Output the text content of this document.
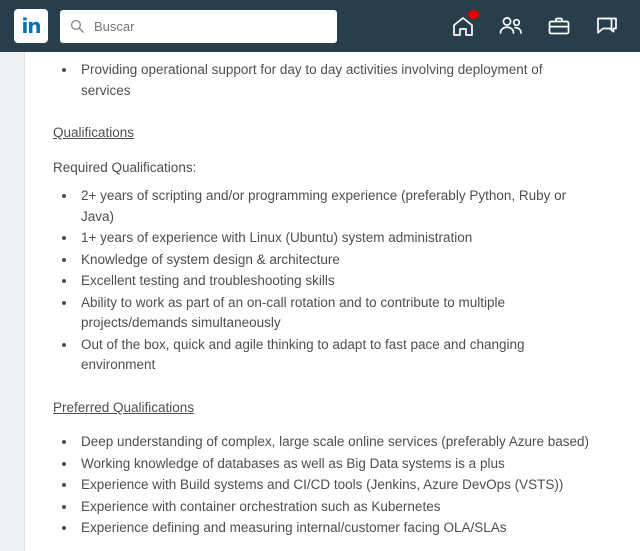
in
Buscar
• Providing operational support for day to day activities involving deployment of services
Qualifications
Required Qualifications:
• 2+ years of scripting and/or programming experience (preferably Python, Ruby or Java)
• 1+ years of experience with Linux (Ubuntu) system administration
• Knowledge of system design & architecture
• Excellent testing and troubleshooting skills
• Ability to work as part of an on-call rotation and to contribute to multiple projects/demands simultaneously
• Out of the box, quick and agile thinking to adapt to fast pace and changing environment
Preferred Qualifications
• Deep understanding of complex, large scale online services (preferably Azure based)
• Working knowledge of databases as well as Big Data systems is a plus
• Experience with Build systems and CI/CD tools (Jenkins, Azure DevOps (VSTS))
• Experience with container orchestration such as Kubernetes
• Experience defining and measuring internal/customer facing OLA/SLAs
